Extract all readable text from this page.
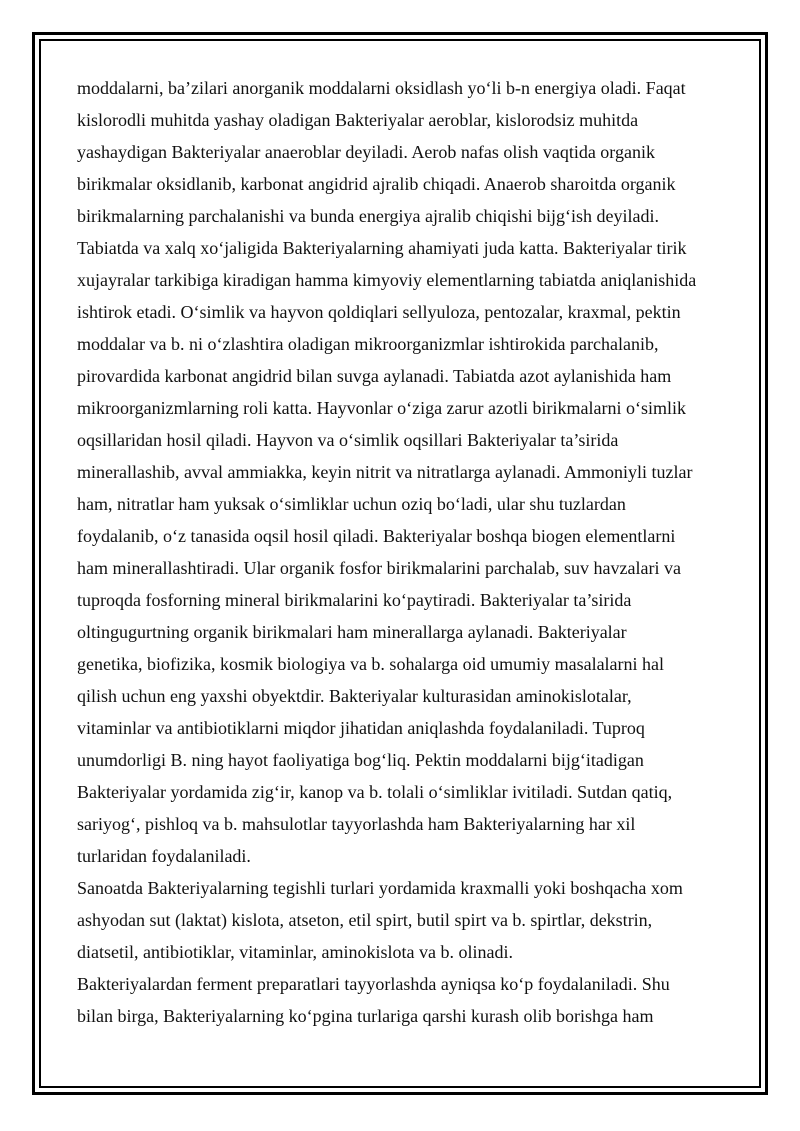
moddalarni, ba’zilari anorganik moddalarni oksidlash yo‘li b-n energiya oladi. Faqat
kislorodli muhitda yashay oladigan Bakteriyalar aeroblar, kislorodsiz muhitda
yashaydigan Bakteriyalar anaeroblar deyiladi. Aerob nafas olish vaqtida organik
birikmalar oksidlanib, karbonat angidrid ajralib chiqadi. Anaerob sharoitda organik
birikmalarning parchalanishi va bunda energiya ajralib chiqishi bijg‘ish deyiladi.
Tabiatda va xalq xo‘jaligida Bakteriyalarning ahamiyati juda katta. Bakteriyalar tirik
xujayralar tarkibiga kiradigan hamma kimyoviy elementlarning tabiatda aniqlanishida
ishtirok etadi. O‘simlik va hayvon qoldiqlari sellyuloza, pentozalar, kraxmal, pektin
moddalar va b. ni o‘zlashtira oladigan mikroorganizmlar ishtirokida parchalanib,
pirovardida karbonat angidrid bilan suvga aylanadi. Tabiatda azot aylanishida ham
mikroorganizmlarning roli katta. Hayvonlar o‘ziga zarur azotli birikmalarni o‘simlik
oqsillaridan hosil qiladi. Hayvon va o‘simlik oqsillari Bakteriyalar ta’sirida
minerallashib, avval ammiakka, keyin nitrit va nitratlarga aylanadi. Ammoniyli tuzlar
ham, nitratlar ham yuksak o‘simliklar uchun oziq bo‘ladi, ular shu tuzlardan
foydalanib, o‘z tanasida oqsil hosil qiladi. Bakteriyalar boshqa biogen elementlarni
ham minerallashtiradi. Ular organik fosfor birikmalarini parchalab, suv havzalari va
tuproqda fosforning mineral birikmalarini ko‘paytiradi. Bakteriyalar ta’sirida
oltingugurtning organik birikmalari ham minerallarga aylanadi. Bakteriyalar
genetika, biofizika, kosmik biologiya va b. sohalarga oid umumiy masalalarni hal
qilish uchun eng yaxshi obyektdir. Bakteriyalar kulturasidan aminokislotalar,
vitaminlar va antibiotiklarni miqdor jihatidan aniqlashda foydalaniladi. Tuproq
unumdorligi B. ning hayot faoliyatiga bog‘liq. Pektin moddalarni bijg‘itadigan
Bakteriyalar yordamida zig‘ir, kanop va b. tolali o‘simliklar ivitiladi. Sutdan qatiq,
sariyog‘, pishloq va b. mahsulotlar tayyorlashda ham Bakteriyalarning har xil
turlaridan foydalaniladi.
Sanoatda Bakteriyalarning tegishli turlari yordamida kraxmalli yoki boshqacha xom
ashyodan sut (laktat) kislota, atseton, etil spirt, butil spirt va b. spirtlar, dekstrin,
diatsetil, antibiotiklar, vitaminlar, aminokislota va b. olinadi.
Bakteriyalardan ferment preparatlari tayyorlashda ayniqsa ko‘p foydalaniladi. Shu
bilan birga, Bakteriyalarning ko‘pgina turlariga qarshi kurash olib borishga ham
